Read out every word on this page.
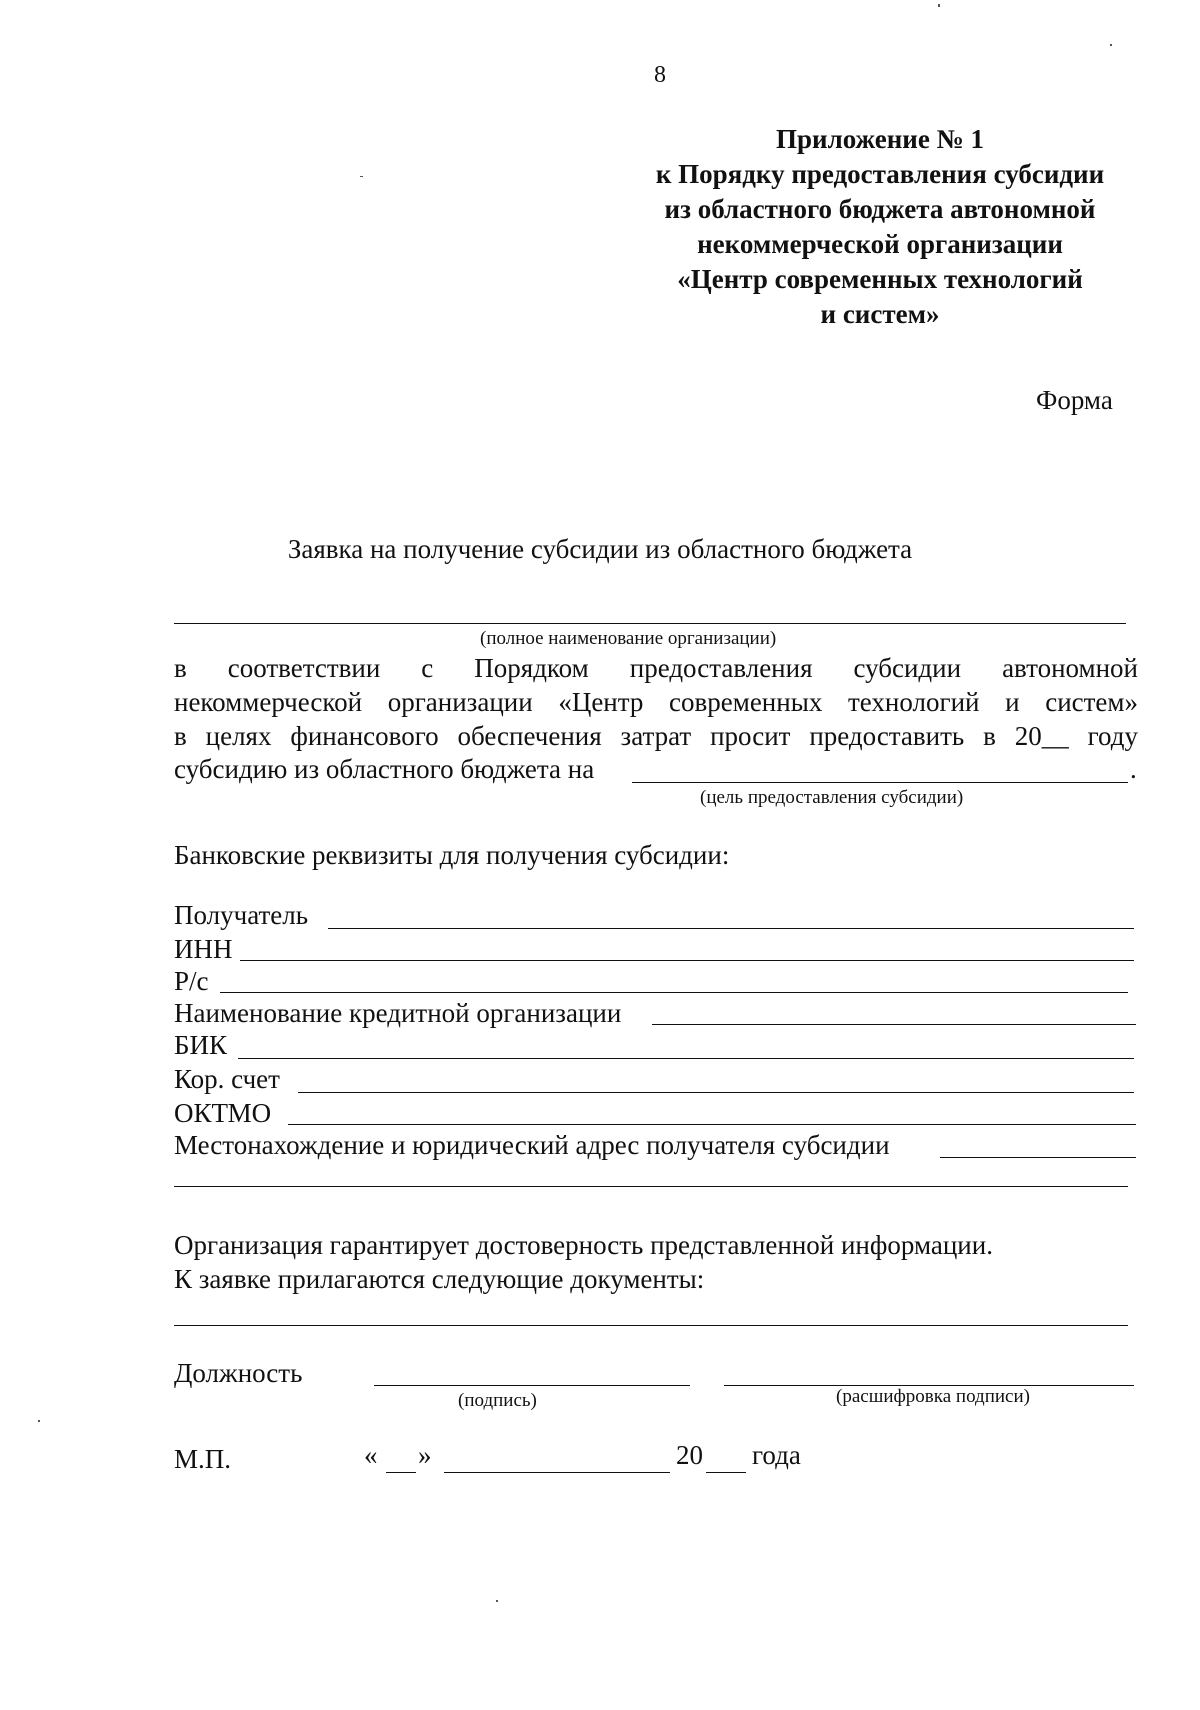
8
Приложение № 1
к Порядку предоставления субсидии
из областного бюджета автономной
некоммерческой организации
«Центр современных технологий
и систем»
Форма
Заявка на получение субсидии из областного бюджета
(полное наименование организации)
в соответствии с Порядком предоставления субсидии автономной
некоммерческой организации «Центр современных технологий и систем»
в целях финансового обеспечения затрат просит предоставить в 20__ году
субсидию из областного бюджета на	.
(цель предоставления субсидии)
Банковские реквизиты для получения субсидии:
Получатель
ИНН
Р/с
Наименование кредитной организации
БИК
Кор. счет
ОКТМО
Местонахождение и юридический адрес получателя субсидии
Организация гарантирует достоверность представленной информации.
К заявке прилагаются следующие документы:
Должность
(подпись)	(расшифровка подписи)
М.П.	« »	20 года
